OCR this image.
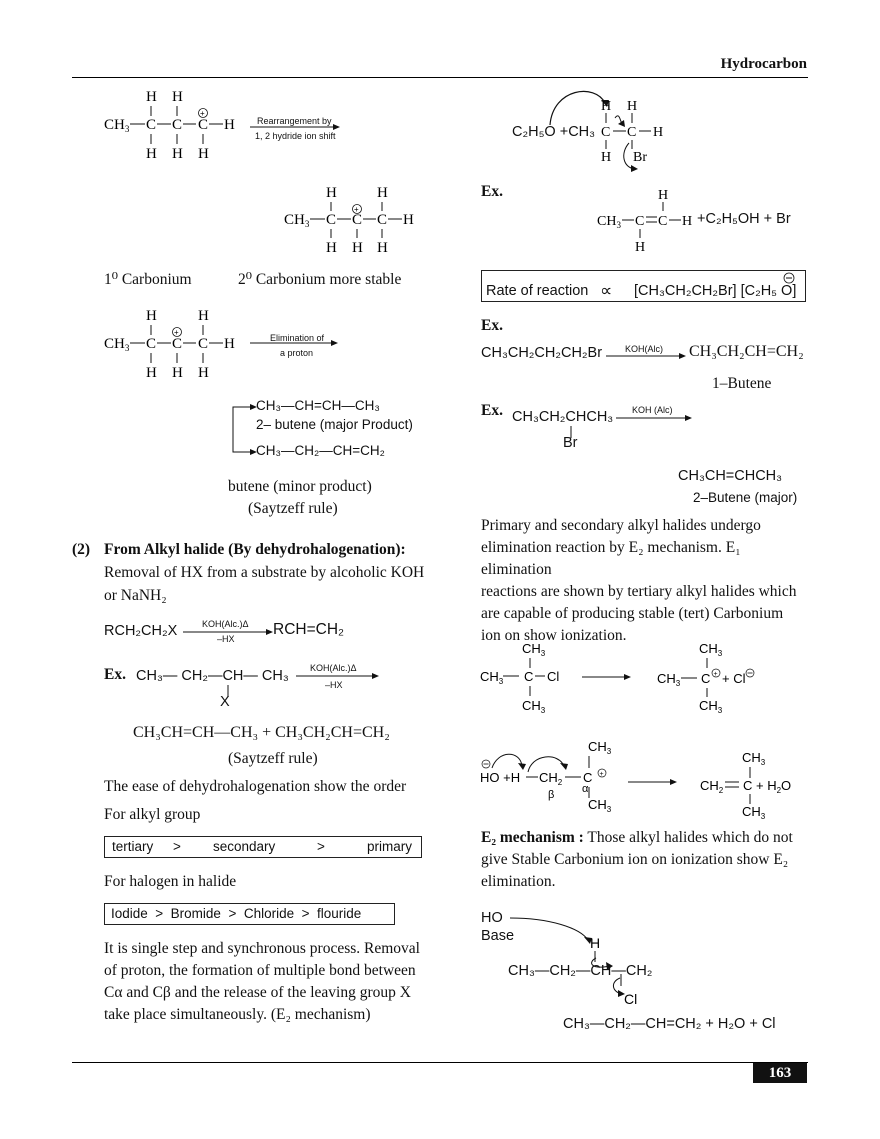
Hydrocarbon
H H
$CH_3$ C C C H
+
H H H
Rearrangement by
1, 2 hydride ion shift
H	H
+
$CH_3$ C C C H
H H H
1⁰ Carbonium	2⁰ Carbonium more stable
H	H
+
$CH_3$ C C C H
H H H
Elimination of
a proton
CH₃—CH=CH—CH₃
2– butene (major Product)
CH₃—CH₂—CH=CH₂
butene (minor product)
(Saytzeff rule)
(2) From Alkyl halide (By dehydrohalogenation):
Removal of HX from a substrate by alcoholic KOH
or NaNH₂
RCH₂CH₂X	KOH(Alc.)Δ
–HX
RCH=CH₂
Ex. CH₃— CH₂—CH— CH₃
X
KOH(Alc.)Δ
–HX
CH₃CH=CH—CH₃ + CH₃CH₂CH=CH₂
(Saytzeff rule)
The ease of dehydrohalogenation show the order
For alkyl group
tertiary > secondary	>	primary
For halogen in halide
Iodide  >  Bromide  >  Chloride  >  flouride
It is single step and synchronous process. Removal
of proton, the formation of multiple bond between
Cα and Cβ and the release of the leaving group X
take place simultaneously. (E₂ mechanism)
H H
C C H
H Br
C₂H₅O +CH₃
Ex.	H
$CH_3$ C C H
H
+C₂H₅OH + Br
Rate of reaction ∝ [CH₃CH₂CH₂Br] [C₂H₅ O]
Ex.
CH₃CH₂CH₂CH₂Br	KOH(Alc) CH₃CH₂CH=CH₂
1–Butene
Ex. CH₃CH₂CHCH₃
Br
KOH (Alc)
CH₃CH=CHCH₃
2–Butene (major)
Primary and secondary alkyl halides undergo
elimination reaction by E₂ mechanism. E₁ elimination
reactions are shown by tertiary alkyl halides which
are capable of producing stable (tert) Carbonium
ion on show ionization.
$CH_3$
$CH_3$ C Cl
$CH_3$
$CH_3$
$CH_3$ C + + Cl
$CH_3$
HO +H $CH_2$ C +
$CH_3$
β	α
$CH_3$
$CH_3$
$CH_2$ $C + H_2O$
$CH_3$
E₂ mechanism : Those alkyl halides which do not
give Stable Carbonium ion on ionization show E₂
elimination.
HO
Base	H
Cl
CH₃—CH₂—CH—CH₂
CH₃—CH₂—CH=CH₂ + H₂O + Cl
163
